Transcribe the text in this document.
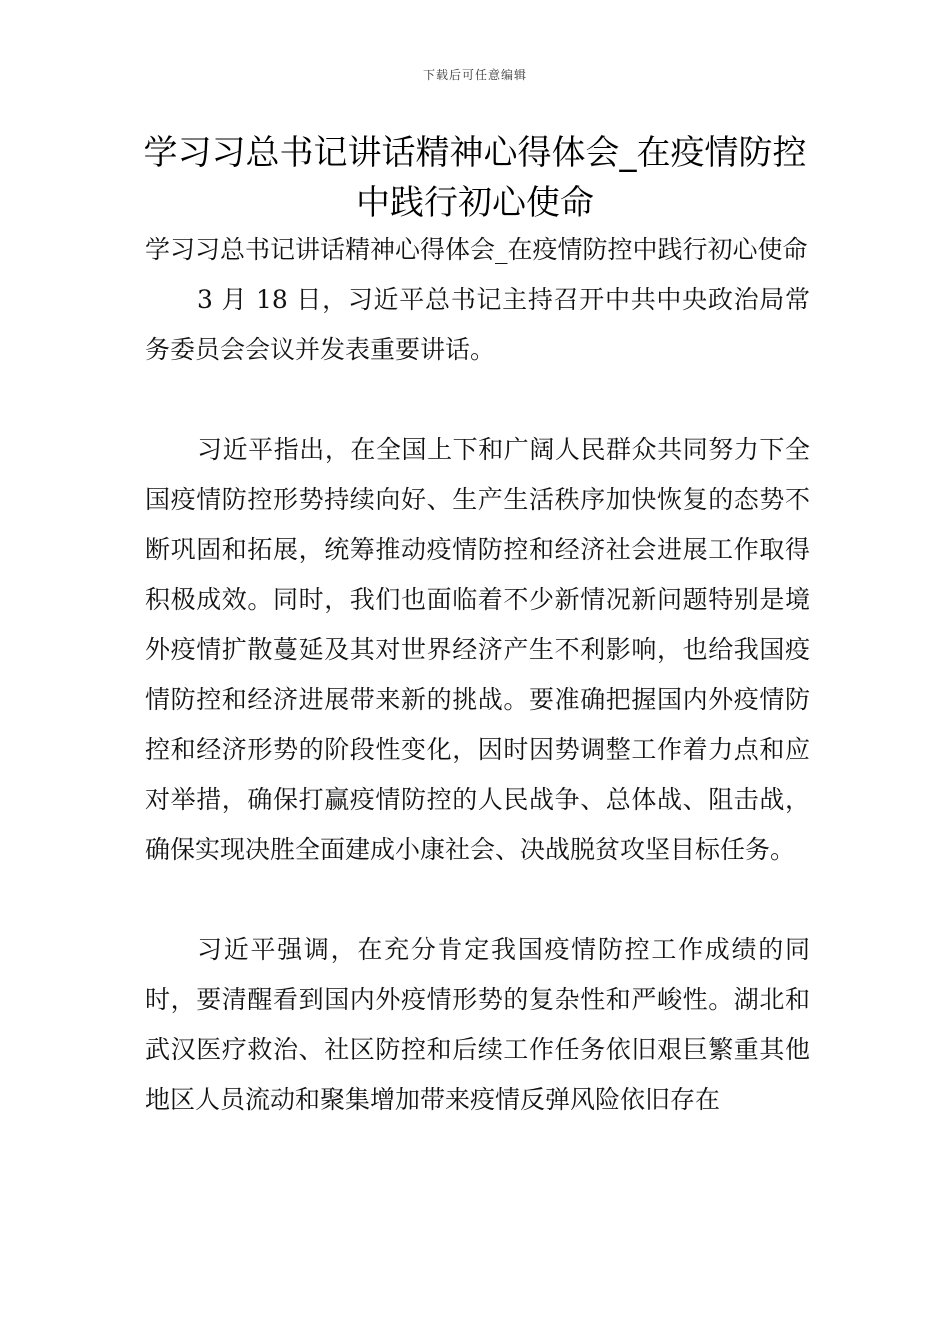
下载后可任意编辑
学习习总书记讲话精神心得体会_在疫情防控中践行初心使命

学习习总书记讲话精神心得体会_在疫情防控中践行初心使命

3 月 18 日，习近平总书记主持召开中共中央政治局常务委员会会议并发表重要讲话。

习近平指出，在全国上下和广阔人民群众共同努力下全国疫情防控形势持续向好、生产生活秩序加快恢复的态势不断巩固和拓展，统筹推动疫情防控和经济社会进展工作取得积极成效。同时，我们也面临着不少新情况新问题特别是境外疫情扩散蔓延及其对世界经济产生不利影响，也给我国疫情防控和经济进展带来新的挑战。要准确把握国内外疫情防控和经济形势的阶段性变化，因时因势调整工作着力点和应对举措，确保打赢疫情防控的人民战争、总体战、阻击战，确保实现决胜全面建成小康社会、决战脱贫攻坚目标任务。

习近平强调，在充分肯定我国疫情防控工作成绩的同时，要清醒看到国内外疫情形势的复杂性和严峻性。湖北和武汉医疗救治、社区防控和后续工作任务依旧艰巨繁重其他地区人员流动和聚集增加带来疫情反弹风险依旧存在
